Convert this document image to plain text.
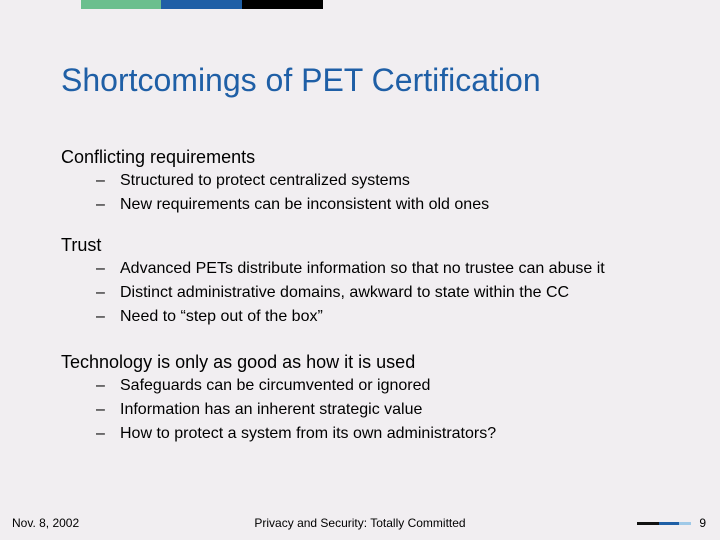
Shortcomings of PET Certification
Conflicting requirements
– Structured to protect centralized systems
– New requirements can be inconsistent with old ones
Trust
– Advanced PETs distribute information so that no trustee can abuse it
– Distinct administrative domains, awkward to state within the CC
– Need to “step out of the box”
Technology is only as good as how it is used
– Safeguards can be circumvented or ignored
– Information has an inherent strategic value
– How to protect a system from its own administrators?
Nov. 8, 2002	Privacy and Security: Totally Committed	9
